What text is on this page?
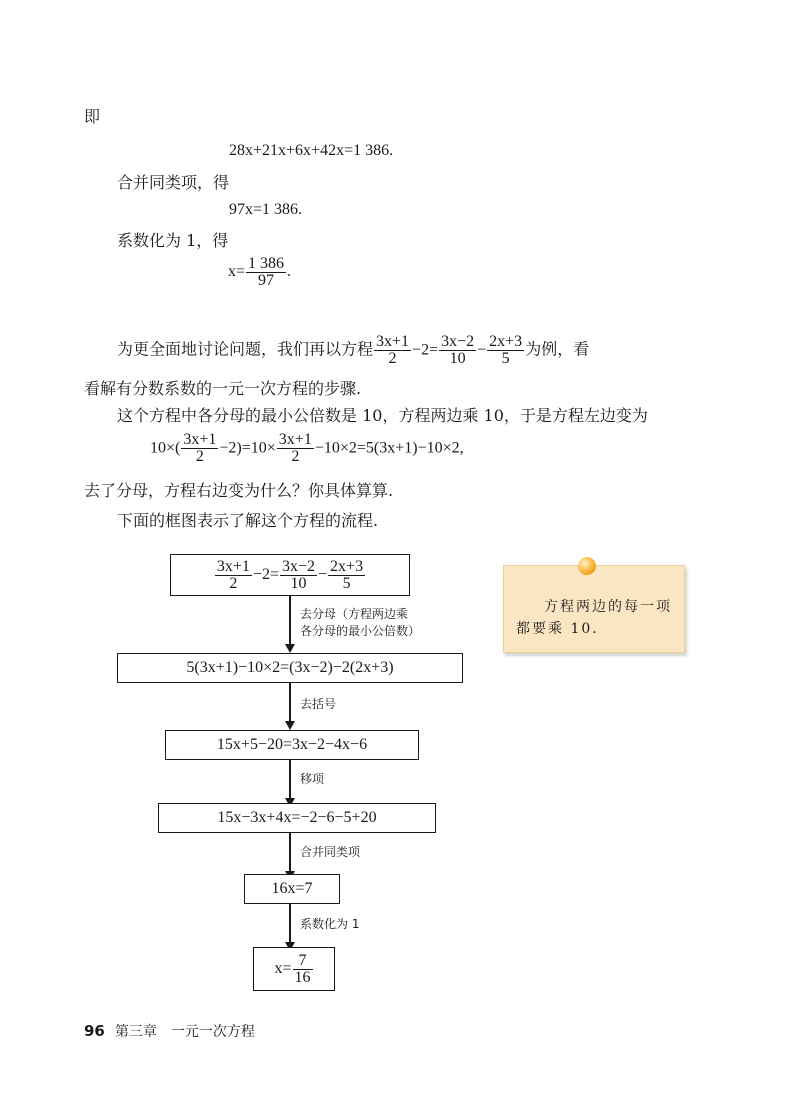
即
28x+21x+6x+42x=1 386.
合并同类项，得
97x=1 386.
系数化为 1，得
$x= \frac{1 386}{97}$ .
为更全面地讨论问题，我们再以方程 $\frac{3x+1}{2} -2= \frac{3x-2}{10} - \frac{2x+3}{5}$ 为例，看
看解有分数系数的一元一次方程的步骤.
这个方程中各分母的最小公倍数是 10，方程两边乘 10，于是方程左边变为
$10\times( \frac{3x+1}{2} -2)=10\times \frac{3x+1}{2} -10\times 2=5(3x+1)-10\times 2$,
去了分母，方程右边变为什么？你具体算算.
下面的框图表示了解这个方程的流程.
$\frac{3x+1}{2} -2= \frac{3x-2}{10} - \frac{2x+3}{5}$
去分母（方程两边乘
各分母的最小公倍数）
5(3x+1)−10×2=(3x−2)−2(2x+3)
去括号
15x+5−20=3x−2−4x−6
移项
15x−3x+4x=−2−6−5+20
合并同类项
16x=7
系数化为 1
$x= \frac{7}{16}$
方程两边的每一项都要乘 10.
96 第三章　一元一次方程
